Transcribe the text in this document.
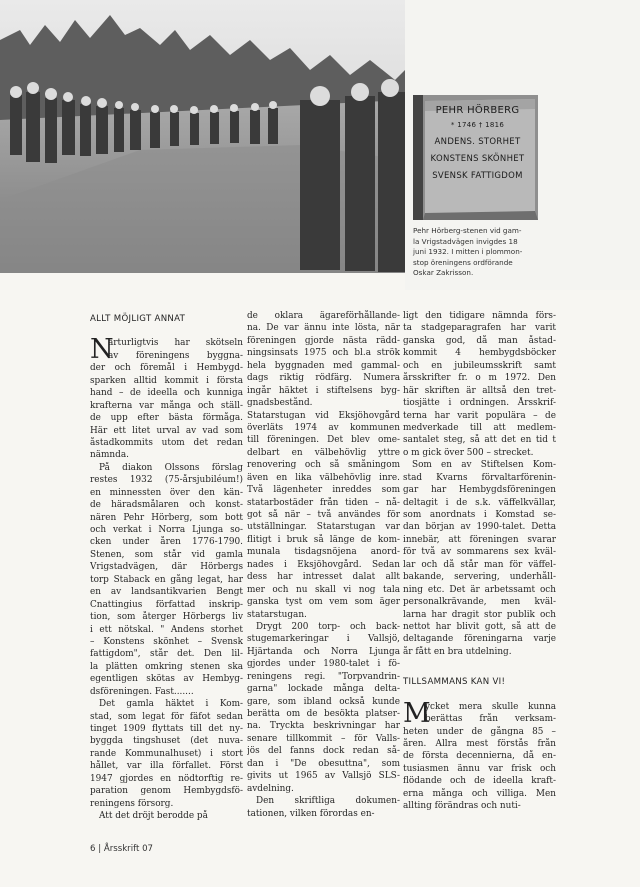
PEHR HÖRBERG
* 1746 † 1816
ANDENS. STORHET
KONSTENS SKÖNHET
SVENSK FATTIGDOM
Pehr Hörberg-stenen vid gam-
la Vrigstadvägen invigdes 18
juni 1932. I mitten i plommon-
stop öreningens ordförande
Oskar Zakrisson.
ALLT MÖJLIGT ANNAT
N
arturligtvis har skötseln
av föreningens byggna-
der och föremål i Hembygd-
sparken alltid kommit i första
hand – de ideella och kunniga
krafterna var många och ställ-
de upp efter bästa förmåga.
Här ett litet urval av vad som
åstadkommits utom det redan
nämnda.
På diakon Olssons förslag
restes 1932 (75-årsjubiléum!)
en minnessten över den kän-
de häradsmålaren och konst-
nären Pehr Hörberg, som bott
och verkat i Norra Ljunga so-
cken under åren 1776-1790.
Stenen, som står vid gamla
Vrigstadvägen, där Hörbergs
torp Staback en gång legat, har
en av landsantikvarien Bengt
Cnattingius författad inskrip-
tion, som återger Hörbergs liv
i ett nötskal. " Andens storhet
– Konstens skönhet – Svensk
fattigdom", står det. Den lil-
la plätten omkring stenen ska
egentligen skötas av Hembyg-
dsföreningen. Fast.......
Det gamla häktet i Kom-
stad, som legat för fäfot sedan
tinget 1909 flyttats till det ny-
byggda tingshuset (det nuva-
rande Kommunalhuset) i stort
hållet, var illa förfallet. Först
1947 gjordes en nödtorftig re-
paration genom Hembygdsfö-
reningens försorg.
Att det dröjt berodde på
de oklara ägareförhållande-
na. De var ännu inte lösta, när
föreningen gjorde nästa rädd-
ningsinsats 1975 och bl.a strök
hela byggnaden med gammal-
dags riktig rödfärg. Numera
ingår häktet i stiftelsens byg-
gnadsbestånd.
Statarstugan vid Eksjöhovgård
överläts 1974 av kommunen
till föreningen. Det blev ome-
delbart en välbehövlig yttre
renovering och så småningom
även en lika välbehövlig inre.
Två lägenheter inreddes som
statarbostäder från tiden – nå-
got så när – två användes för
utställningar. Statarstugan var
flitigt i bruk så länge de kom-
munala tisdagsnöjena anord-
nades i Eksjöhovgård. Sedan
dess har intresset dalat allt
mer och nu skall vi nog tala
ganska tyst om vem som äger
statarstugan.
Drygt 200 torp- och back-
stugemarkeringar i Vallsjö,
Hjärtanda och Norra Ljunga
gjordes under 1980-talet i fö-
reningens regi. "Torpvandrin-
garna" lockade många delta-
gare, som ibland också kunde
berätta om de besökta platser-
na. Tryckta beskrivningar har
senare tillkommit – för Valls-
jös del fanns dock redan så-
dan i "De obesuttna", som
givits ut 1965 av Vallsjö SLS-
avdelning.
Den skriftliga dokumen-
tationen, vilken förordas en-
ligt den tidigare nämnda förs-
ta stadgeparagrafen har varit
ganska god, då man åstad-
kommit 4 hembygdsböcker
och en jubileumsskrift samt
årsskrifter fr. o m 1972. Den
här skriften är alltså den tret-
tiosjätte i ordningen. Årsskrif-
terna har varit populära – de
medverkade till att medlem-
santalet steg, så att det en tid t
o m gick över 500 – strecket.
Som en av Stiftelsen Kom-
stad Kvarns förvaltarförenin-
gar har Hembygdsföreningen
deltagit i de s.k. väffelkvällar,
som anordnats i Komstad se-
dan början av 1990-talet. Detta
innebär, att föreningen svarar
för två av sommarens sex kväl-
lar och då står man för väffel-
bakande, servering, underhåll-
ning etc. Det är arbetssamt och
personalkrävande, men kväl-
larna har dragit stor publik och
nettot har blivit gott, så att de
deltagande föreningarna varje
år fått en bra utdelning.
TILLSAMMANS KAN VI!
M
ycket mera skulle kunna
berättas från verksam-
heten under de gångna 85 –
åren. Allra mest förstås från
de första decennierna, då en-
tusiasmen ännu var frisk och
flödande och de ideella kraft-
erna många och villiga. Men
allting förändras och nuti-
6 | Årsskrift 07
